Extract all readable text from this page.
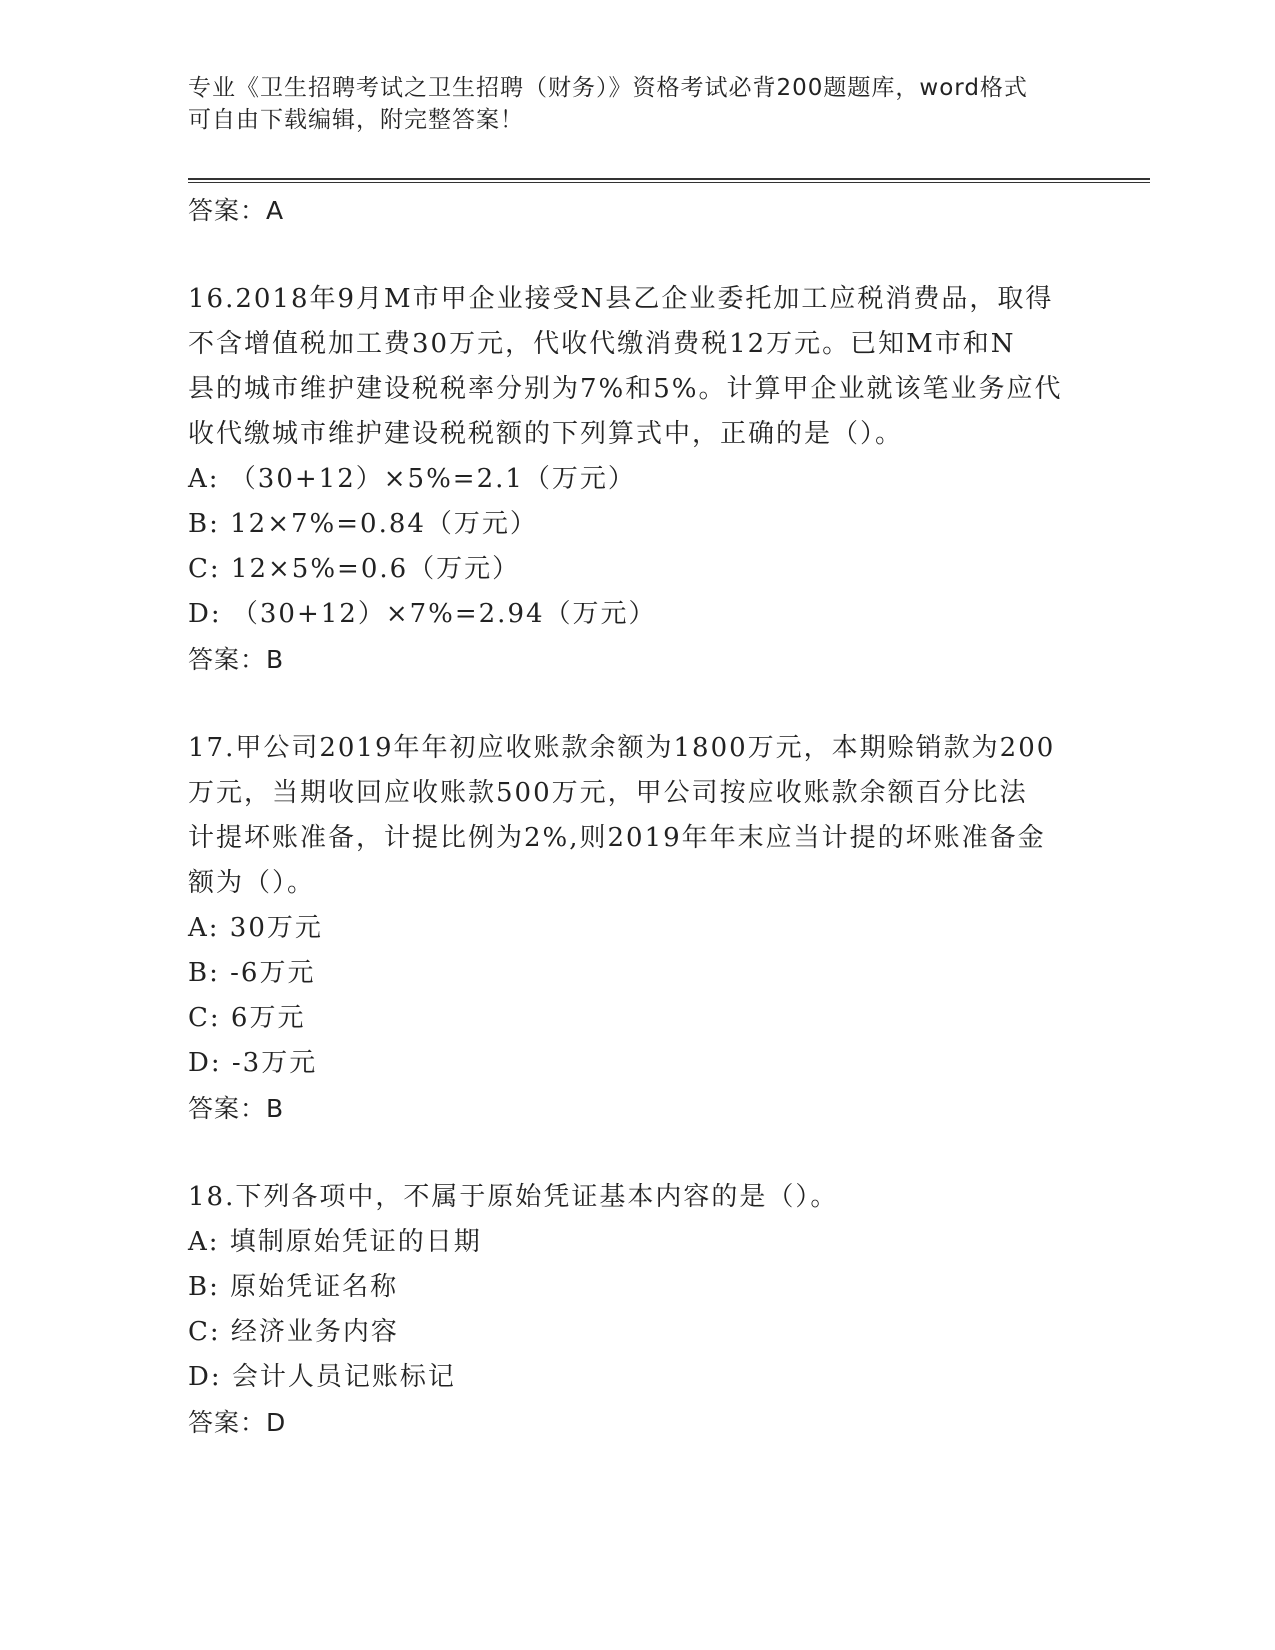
专业《卫生招聘考试之卫生招聘（财务）》资格考试必背200题题库，word格式
可自由下载编辑，附完整答案！
答案：A
16.2018年9月M市甲企业接受N县乙企业委托加工应税消费品，取得
不含增值税加工费30万元，代收代缴消费税12万元。已知M市和N
县的城市维护建设税税率分别为7%和5%。计算甲企业就该笔业务应代
收代缴城市维护建设税税额的下列算式中，正确的是（）。
A: （30+12）×5%=2.1（万元）
B: 12×7%=0.84（万元）
C: 12×5%=0.6（万元）
D: （30+12）×7%=2.94（万元）
答案：B
17.甲公司2019年年初应收账款余额为1800万元，本期赊销款为200
万元，当期收回应收账款500万元，甲公司按应收账款余额百分比法
计提坏账准备，计提比例为2%,则2019年年末应当计提的坏账准备金
额为（）。
A: 30万元
B: -6万元
C: 6万元
D: -3万元
答案：B
18.下列各项中，不属于原始凭证基本内容的是（）。
A: 填制原始凭证的日期
B: 原始凭证名称
C: 经济业务内容
D: 会计人员记账标记
答案：D
